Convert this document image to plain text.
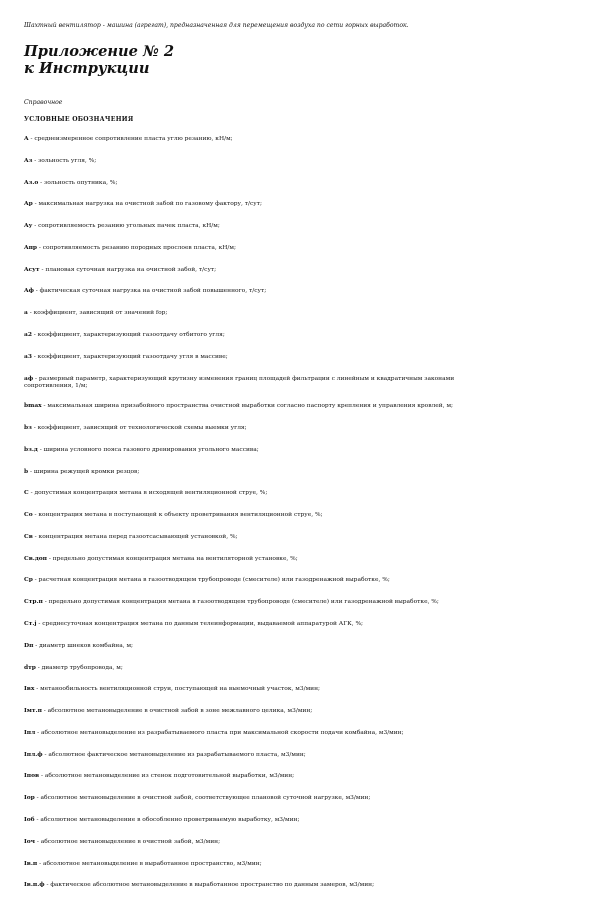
Шахтный вентилятор - машина (агрегат), предназначенная для перемещения воздуха по сети горных выработок.
Приложение № 2
к Инструкции
Справочное
УСЛОВНЫЕ ОБОЗНАЧЕНИЯ
A - среднеизмеренное сопротивление пласта углю резанию, кН/м;
Aз - зольность угля, %;
Aз.о - зольность опутника, %;
Aр - максимальная нагрузка на очистной забой по газовому фактору, т/сут;
Aу - сопротивляемость резанию угольных пачек пласта, кН/м;
Aпр - сопротивляемость резанию породных прослоев пласта, кН/м;
Aсут - плановая суточная нагрузка на очистной забой, т/сут;
Aф - фактическая суточная нагрузка на очистной забой повышенного, т/сут;
a - коэффициент, зависящий от значений fор;
a2 - коэффициент, характеризующий газоотдачу отбитого угля;
a3 - коэффициент, характеризующий газоотдачу угля в массиве;
aф - размерный параметр, характеризующий крутизну изменения границ площадей фильтрации с линейным и квадратичным законами
сопротивления, 1/м;
bmax - максимальная ширина призабойного пространства очистной выработки согласно паспорту крепления и управления кровлей, м;
bз - коэффициент, зависящий от технологической схемы выемки угля;
bз.д - ширина условного пояса газового дренирования угольного массива;
b - ширина режущей кромки резцов;
C - допустимая концентрация метана в исходящей вентиляционной струе, %;
Cо - концентрация метана в поступающей к объекту проветривания вентиляционной струе, %;
Cв - концентрация метана перед газоотсасывающей установкой, %;
Cв.доп - предельно допустимая концентрация метана на вентиляторной установке, %;
Cр - расчетная концентрация метана в газоотводящем трубопроводе (смесителе) или газодренажной выработке, %;
Cтр.п - предельно допустимая концентрация метана в газоотводящем трубопроводе (смесителе) или газодренажной выработке, %;
Cт.j - среднесуточная концентрация метана по данным телеинформации, выдаваемой аппаратурой АГК, %;
Dп - диаметр шнеков комбайна, м;
dтр - диаметр трубопровода, м;
Iвх - метанообильность вентиляционной струи, поступающей на выемочный участок, м3/мин;
Iмт.п - абсолютное метановыделение в очистной забой в зоне межлавного целика, м3/мин;
Iпл - абсолютное метановыделение из разрабатываемого пласта при максимальной скорости подачи комбайна, м3/мин;
Iпл.ф - абсолютное фактическое метановыделение из разрабатываемого пласта, м3/мин;
Iпов - абсолютное метановыделение из стенок подготовительной выработки, м3/мин;
Iор - абсолютное метановыделение в очистной забой, соответствующее плановой суточной нагрузке, м3/мин;
Iоб - абсолютное метановыделение в обособленно проветриваемую выработку, м3/мин;
Iоч - абсолютное метановыделение в очистной забой, м3/мин;
Iв.п - абсолютное метановыделение в выработанное пространство, м3/мин;
Iв.п.ф - фактическое абсолютное метановыделение в выработанное пространство по данным замеров, м3/мин;
